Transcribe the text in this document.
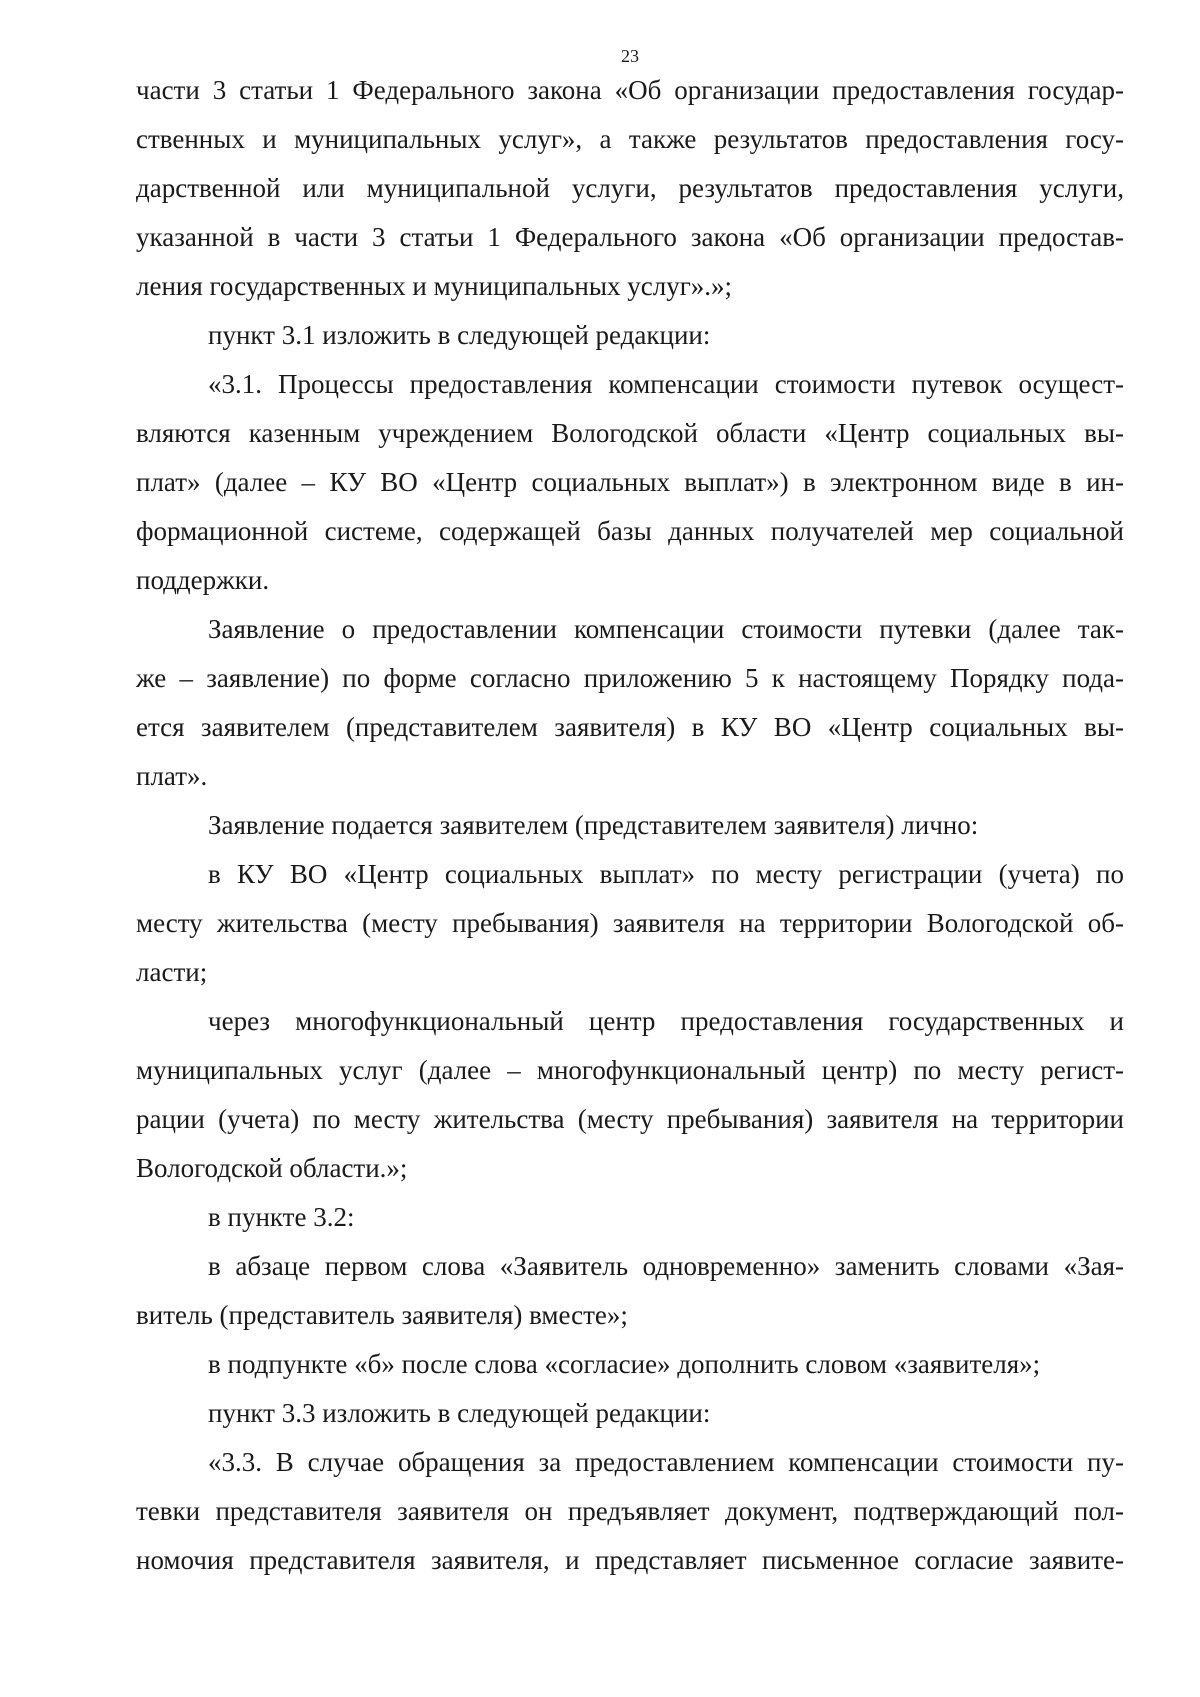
23
части 3 статьи 1 Федерального закона «Об организации предоставления государ-
ственных и муниципальных услуг», а также результатов предоставления госу-
дарственной или муниципальной услуги, результатов предоставления услуги,
указанной в части 3 статьи 1 Федерального закона «Об организации предостав-
ления государственных и муниципальных услуг».»;
пункт 3.1 изложить в следующей редакции:
«3.1. Процессы предоставления компенсации стоимости путевок осущест-
вляются казенным учреждением Вологодской области «Центр социальных вы-
плат» (далее – КУ ВО «Центр социальных выплат») в электронном виде в ин-
формационной системе, содержащей базы данных получателей мер социальной
поддержки.
Заявление о предоставлении компенсации стоимости путевки (далее так-
же – заявление) по форме согласно приложению 5 к настоящему Порядку пода-
ется заявителем (представителем заявителя) в КУ ВО «Центр социальных вы-
плат».
Заявление подается заявителем (представителем заявителя) лично:
в КУ ВО «Центр социальных выплат» по месту регистрации (учета) по
месту жительства (месту пребывания) заявителя на территории Вологодской об-
ласти;
через многофункциональный центр предоставления государственных и
муниципальных услуг (далее – многофункциональный центр) по месту регист-
рации (учета) по месту жительства (месту пребывания) заявителя на территории
Вологодской области.»;
в пункте 3.2:
в абзаце первом слова «Заявитель одновременно» заменить словами «Зая-
витель (представитель заявителя) вместе»;
в подпункте «б» после слова «согласие» дополнить словом «заявителя»;
пункт 3.3 изложить в следующей редакции:
«3.3. В случае обращения за предоставлением компенсации стоимости пу-
тевки представителя заявителя он предъявляет документ, подтверждающий пол-
номочия представителя заявителя, и представляет письменное согласие заявите-
